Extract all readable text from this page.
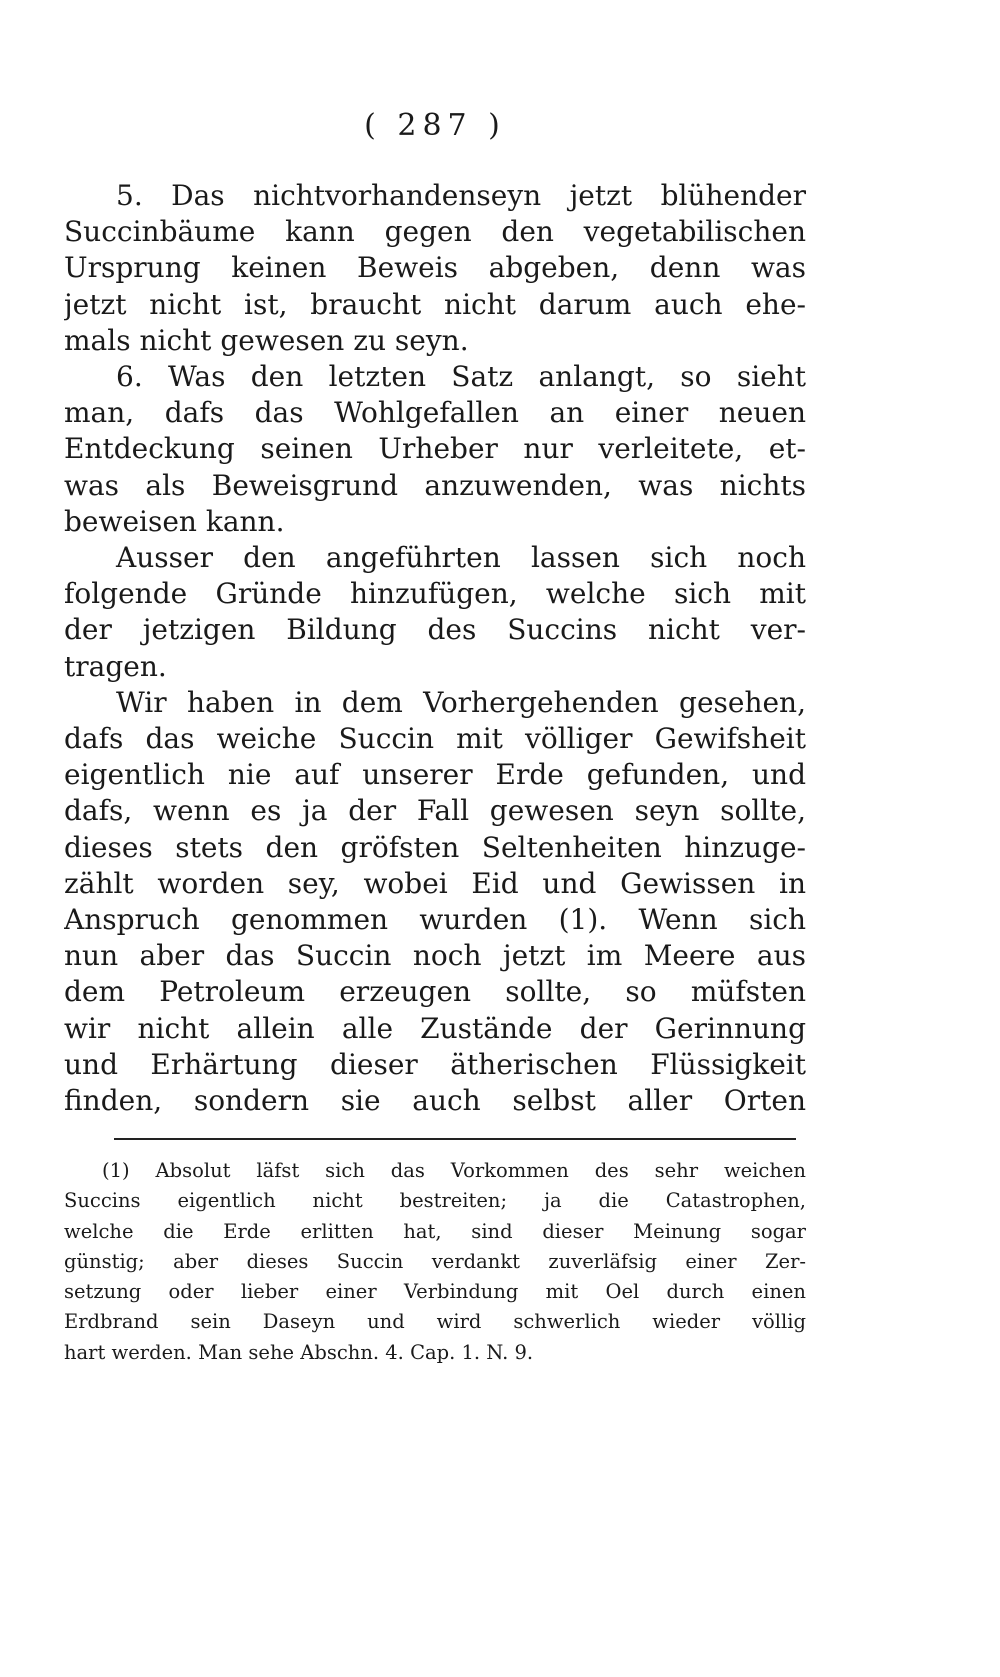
( 287 )
5. Das nichtvorhandenseyn jetzt blühender
Succinbäume kann gegen den vegetabilischen
Ursprung keinen Beweis abgeben, denn was
jetzt nicht ist, braucht nicht darum auch ehe-
mals nicht gewesen zu seyn.
6. Was den letzten Satz anlangt, so sieht
man, dafs das Wohlgefallen an einer neuen
Entdeckung seinen Urheber nur verleitete, et-
was als Beweisgrund anzuwenden, was nichts
beweisen kann.
Ausser den angeführten lassen sich noch
folgende Gründe hinzufügen, welche sich mit
der jetzigen Bildung des Succins nicht ver-
tragen.
Wir haben in dem Vorhergehenden gesehen,
dafs das weiche Succin mit völliger Gewifsheit
eigentlich nie auf unserer Erde gefunden, und
dafs, wenn es ja der Fall gewesen seyn sollte,
dieses stets den gröfsten Seltenheiten hinzuge-
zählt worden sey, wobei Eid und Gewissen in
Anspruch genommen wurden (1). Wenn sich
nun aber das Succin noch jetzt im Meere aus
dem Petroleum erzeugen sollte, so müfsten
wir nicht allein alle Zustände der Gerinnung
und Erhärtung dieser ätherischen Flüssigkeit
finden, sondern sie auch selbst aller Orten
(1) Absolut läfst sich das Vorkommen des sehr weichen
Succins eigentlich nicht bestreiten; ja die Catastrophen,
welche die Erde erlitten hat, sind dieser Meinung sogar
günstig; aber dieses Succin verdankt zuverläfsig einer Zer-
setzung oder lieber einer Verbindung mit Oel durch einen
Erdbrand sein Daseyn und wird schwerlich wieder völlig
hart werden. Man sehe Abschn. 4. Cap. 1. N. 9.
